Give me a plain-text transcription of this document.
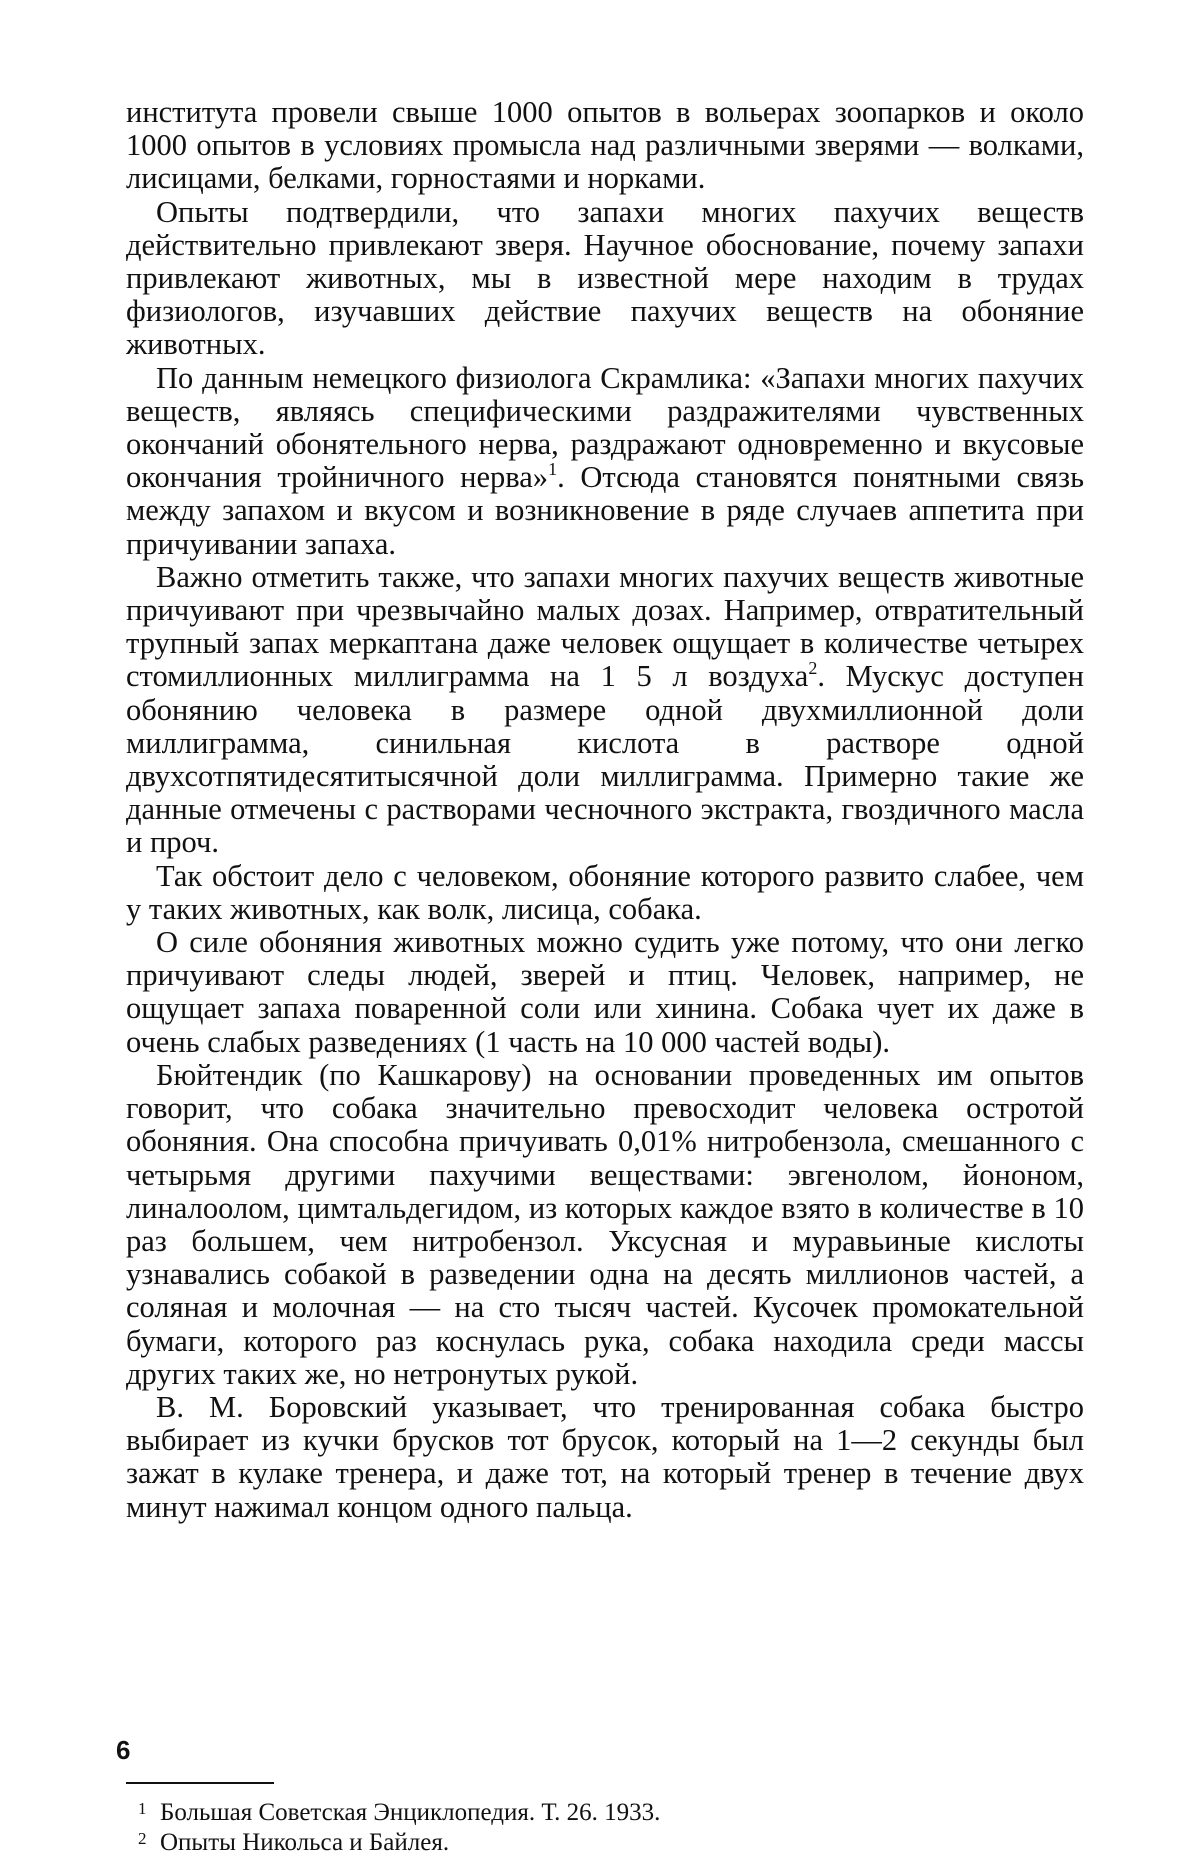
института провели свыше 1000 опытов в вольерах зоопарков и около 1000 опытов в условиях промысла над различными зверями — волками, лисицами, белками, горностаями и норками.

Опыты подтвердили, что запахи многих пахучих веществ действительно привлекают зверя. Научное обоснование, почему запахи привлекают животных, мы в известной мере находим в трудах физиологов, изучавших действие пахучих веществ на обоняние животных.

По данным немецкого физиолога Скрамлика: «Запахи многих пахучих веществ, являясь специфическими раздражителями чувственных окончаний обонятельного нерва, раздражают одновременно и вкусовые окончания тройничного нерва»$^1$. Отсюда становятся понятными связь между запахом и вкусом и возникновение в ряде случаев аппетита при причуивании запаха.

Важно отметить также, что запахи многих пахучих веществ животные причуивают при чрезвычайно малых дозах. Например, отвратительный трупный запах меркаптана даже человек ощущает в количестве четырех стомиллионных миллиграмма на 1 5 л воздуха$^2$. Мускус доступен обонянию человека в размере одной двухмиллионной доли миллиграмма, синильная кислота в растворе одной двухсотпятидесятитысячной доли миллиграмма. Примерно такие же данные отмечены с растворами чесночного экстракта, гвоздичного масла и проч.

Так обстоит дело с человеком, обоняние которого развито слабее, чем у таких животных, как волк, лисица, собака.

О силе обоняния животных можно судить уже потому, что они легко причуивают следы людей, зверей и птиц. Человек, например, не ощущает запаха поваренной соли или хинина. Собака чует их даже в очень слабых разведениях (1 часть на 10 000 частей воды).

Бюйтендик (по Кашкарову) на основании проведенных им опытов говорит, что собака значительно превосходит человека остротой обоняния. Она способна причуивать 0,01% нитробензола, смешанного с четырьмя другими пахучими веществами: эвгенолом, йононом, линалоолом, цимтальдегидом, из которых каждое взято в количестве в 10 раз большем, чем нитробензол. Уксусная и муравьиные кислоты узнавались собакой в разведении одна на десять миллионов частей, а соляная и молочная — на сто тысяч частей. Кусочек промокательной бумаги, которого раз коснулась рука, собака находила среди массы других таких же, но нетронутых рукой.

В. М. Боровский указывает, что тренированная собака быстро выбирает из кучки брусков тот брусок, который на 1—2 секунды был зажат в кулаке тренера, и даже тот, на который тренер в течение двух минут нажимал концом одного пальца.

1 Большая Советская Энциклопедия. Т. 26. 1933.

2 Опыты Никольса и Байлея.

6
